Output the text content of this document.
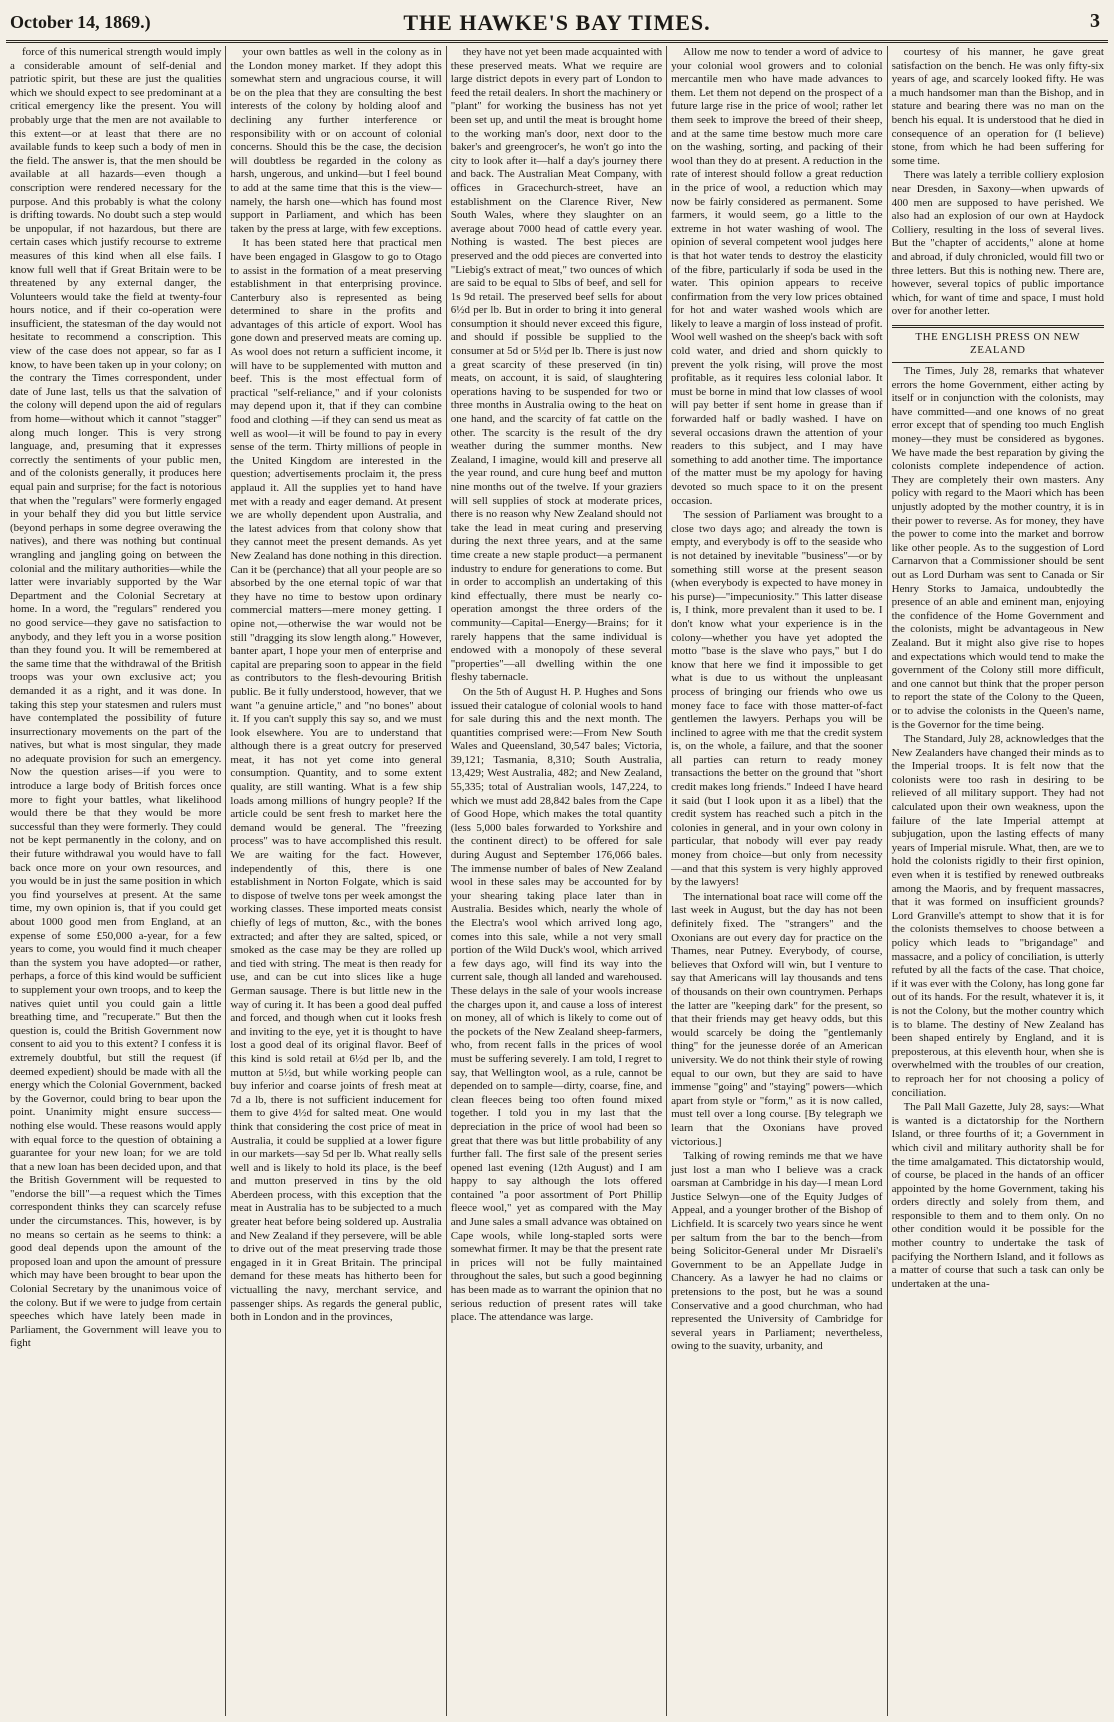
October 14, 1869.)	THE HAWKE'S BAY TIMES.	3

force of this numerical strength would imply a considerable amount of self-denial and patriotic spirit, but these are just the qualities which we should expect to see predominant at a critical emergency like the present. You will probably urge that the men are not available to this extent—or at least that there are no available funds to keep such a body of men in the field. The answer is, that the men should be available at all hazards—even though a conscription were rendered necessary for the purpose. And this probably is what the colony is drifting towards. No doubt such a step would be unpopular, if not hazardous, but there are certain cases which justify recourse to extreme measures of this kind when all else fails. I know full well that if Great Britain were to be threatened by any external danger, the Volunteers would take the field at twenty-four hours notice, and if their co-operation were insufficient, the statesman of the day would not hesitate to recommend a conscription. This view of the case does not appear, so far as I know, to have been taken up in your colony; on the contrary the Times correspondent, under date of June last, tells us that the salvation of the colony will depend upon the aid of regulars from home—without which it cannot "stagger" along much longer. This is very strong language, and, presuming that it expresses correctly the sentiments of your public men, and of the colonists generally, it produces here equal pain and surprise; for the fact is notorious that when the "regulars" were formerly engaged in your behalf they did you but little service (beyond perhaps in some degree overawing the natives), and there was nothing but continual wrangling and jangling going on between the colonial and the military authorities—while the latter were invariably supported by the War Department and the Colonial Secretary at home. In a word, the "regulars" rendered you no good service—they gave no satisfaction to anybody, and they left you in a worse position than they found you. It will be remembered at the same time that the withdrawal of the British troops was your own exclusive act; you demanded it as a right, and it was done. In taking this step your statesmen and rulers must have contemplated the possibility of future insurrectionary movements on the part of the natives, but what is most singular, they made no adequate provision for such an emergency. Now the question arises—if you were to introduce a large body of British forces once more to fight your battles, what likelihood would there be that they would be more successful than they were formerly. They could not be kept permanently in the colony, and on their future withdrawal you would have to fall back once more on your own resources, and you would be in just the same position in which you find yourselves at present. At the same time, my own opinion is, that if you could get about 1000 good men from England, at an expense of some £50,000 a-year, for a few years to come, you would find it much cheaper than the system you have adopted—or rather, perhaps, a force of this kind would be sufficient to supplement your own troops, and to keep the natives quiet until you could gain a little breathing time, and "recuperate." But then the question is, could the British Government now consent to aid you to this extent? I confess it is extremely doubtful, but still the request (if deemed expedient) should be made with all the energy which the Colonial Government, backed by the Governor, could bring to bear upon the point. Unanimity might ensure success—nothing else would. These reasons would apply with equal force to the question of obtaining a guarantee for your new loan; for we are told that a new loan has been decided upon, and that the British Government will be requested to "endorse the bill"—a request which the Times correspondent thinks they can scarcely refuse under the circumstances. This, however, is by no means so certain as he seems to think: a good deal depends upon the amount of the proposed loan and upon the amount of pressure which may have been brought to bear upon the Colonial Secretary by the unanimous voice of the colony. But if we were to judge from certain speeches which have lately been made in Parliament, the Government will leave you to fight

your own battles as well in the colony as in the London money market. If they adopt this somewhat stern and ungracious course, it will be on the plea that they are consulting the best interests of the colony by holding aloof and declining any further interference or responsibility with or on account of colonial concerns. Should this be the case, the decision will doubtless be regarded in the colony as harsh, ungerous, and unkind—but I feel bound to add at the same time that this is the view—namely, the harsh one—which has found most support in Parliament, and which has been taken by the press at large, with few exceptions.

It has been stated here that practical men have been engaged in Glasgow to go to Otago to assist in the formation of a meat preserving establishment in that enterprising province. Canterbury also is represented as being determined to share in the profits and advantages of this article of export. Wool has gone down and preserved meats are coming up. As wool does not return a sufficient income, it will have to be supplemented with mutton and beef. This is the most effectual form of practical "self-reliance," and if your colonists may depend upon it, that if they can combine food and clothing —if they can send us meat as well as wool—it will be found to pay in every sense of the term. Thirty millions of people in the United Kingdom are interested in the question; advertisements proclaim it, the press applaud it. All the supplies yet to hand have met with a ready and eager demand. At present we are wholly dependent upon Australia, and the latest advices from that colony show that they cannot meet the present demands. As yet New Zealand has done nothing in this direction. Can it be (perchance) that all your people are so absorbed by the one eternal topic of war that they have no time to bestow upon ordinary commercial matters—mere money getting. I opine not,—otherwise the war would not be still "dragging its slow length along." However, banter apart, I hope your men of enterprise and capital are preparing soon to appear in the field as contributors to the flesh-devouring British public. Be it fully understood, however, that we want "a genuine article," and "no bones" about it. If you can't supply this say so, and we must look elsewhere. You are to understand that although there is a great outcry for preserved meat, it has not yet come into general consumption. Quantity, and to some extent quality, are still wanting. What is a few ship loads among millions of hungry people? If the article could be sent fresh to market here the demand would be general. The "freezing process" was to have accomplished this result. We are waiting for the fact. However, independently of this, there is one establishment in Norton Folgate, which is said to dispose of twelve tons per week amongst the working classes. These imported meats consist chiefly of legs of mutton, &c., with the bones extracted; and after they are salted, spiced, or smoked as the case may be they are rolled up and tied with string. The meat is then ready for use, and can be cut into slices like a huge German sausage. There is but little new in the way of curing it. It has been a good deal puffed and forced, and though when cut it looks fresh and inviting to the eye, yet it is thought to have lost a good deal of its original flavor. Beef of this kind is sold retail at 6½d per lb, and the mutton at 5½d, but while working people can buy inferior and coarse joints of fresh meat at 7d a lb, there is not sufficient inducement for them to give 4½d for salted meat. One would think that considering the cost price of meat in Australia, it could be supplied at a lower figure in our markets—say 5d per lb. What really sells well and is likely to hold its place, is the beef and mutton preserved in tins by the old Aberdeen process, with this exception that the meat in Australia has to be subjected to a much greater heat before being soldered up. Australia and New Zealand if they persevere, will be able to drive out of the meat preserving trade those engaged in it in Great Britain. The principal demand for these meats has hitherto been for victualling the navy, merchant service, and passenger ships. As regards the general public, both in London and in the provinces,

they have not yet been made acquainted with these preserved meats. What we require are large district depots in every part of London to feed the retail dealers. In short the machinery or "plant" for working the business has not yet been set up, and until the meat is brought home to the working man's door, next door to the baker's and greengrocer's, he won't go into the city to look after it—half a day's journey there and back. The Australian Meat Company, with offices in Gracechurch-street, have an establishment on the Clarence River, New South Wales, where they slaughter on an average about 7000 head of cattle every year. Nothing is wasted. The best pieces are preserved and the odd pieces are converted into "Liebig's extract of meat," two ounces of which are said to be equal to 5lbs of beef, and sell for 1s 9d retail. The preserved beef sells for about 6½d per lb. But in order to bring it into general consumption it should never exceed this figure, and should if possible be supplied to the consumer at 5d or 5½d per lb. There is just now a great scarcity of these preserved (in tin) meats, on account, it is said, of slaughtering operations having to be suspended for two or three months in Australia owing to the heat on one hand, and the scarcity of fat cattle on the other. The scarcity is the result of the dry weather during the summer months. New Zealand, I imagine, would kill and preserve all the year round, and cure hung beef and mutton nine months out of the twelve. If your graziers will sell supplies of stock at moderate prices, there is no reason why New Zealand should not take the lead in meat curing and preserving during the next three years, and at the same time create a new staple product—a permanent industry to endure for generations to come. But in order to accomplish an undertaking of this kind effectually, there must be nearly co-operation amongst the three orders of the community—Capital—Energy—Brains; for it rarely happens that the same individual is endowed with a monopoly of these several "properties"—all dwelling within the one fleshy tabernacle.

On the 5th of August H. P. Hughes and Sons issued their catalogue of colonial wools to hand for sale during this and the next month. The quantities comprised were:—From New South Wales and Queensland, 30,547 bales; Victoria, 39,121; Tasmania, 8,310; South Australia, 13,429; West Australia, 482; and New Zealand, 55,335; total of Australian wools, 147,224, to which we must add 28,842 bales from the Cape of Good Hope, which makes the total quantity (less 5,000 bales forwarded to Yorkshire and the continent direct) to be offered for sale during August and September 176,066 bales. The immense number of bales of New Zealand wool in these sales may be accounted for by your shearing taking place later than in Australia. Besides which, nearly the whole of the Electra's wool which arrived long ago, comes into this sale, while a not very small portion of the Wild Duck's wool, which arrived a few days ago, will find its way into the current sale, though all landed and warehoused. These delays in the sale of your wools increase the charges upon it, and cause a loss of interest on money, all of which is likely to come out of the pockets of the New Zealand sheep-farmers, who, from recent falls in the prices of wool must be suffering severely. I am told, I regret to say, that Wellington wool, as a rule, cannot be depended on to sample—dirty, coarse, fine, and clean fleeces being too often found mixed together. I told you in my last that the depreciation in the price of wool had been so great that there was but little probability of any further fall. The first sale of the present series opened last evening (12th August) and I am happy to say although the lots offered contained "a poor assortment of Port Phillip fleece wool," yet as compared with the May and June sales a small advance was obtained on Cape wools, while long-stapled sorts were somewhat firmer. It may be that the present rate in prices will not be fully maintained throughout the sales, but such a good beginning has been made as to warrant the opinion that no serious reduction of present rates will take place. The attendance was large.

Allow me now to tender a word of advice to your colonial wool growers and to colonial mercantile men who have made advances to them. Let them not depend on the prospect of a future large rise in the price of wool; rather let them seek to improve the breed of their sheep, and at the same time bestow much more care on the washing, sorting, and packing of their wool than they do at present. A reduction in the rate of interest should follow a great reduction in the price of wool, a reduction which may now be fairly considered as permanent. Some farmers, it would seem, go a little to the extreme in hot water washing of wool. The opinion of several competent wool judges here is that hot water tends to destroy the elasticity of the fibre, particularly if soda be used in the water. This opinion appears to receive confirmation from the very low prices obtained for hot and water washed wools which are likely to leave a margin of loss instead of profit. Wool well washed on the sheep's back with soft cold water, and dried and shorn quickly to prevent the yolk rising, will prove the most profitable, as it requires less colonial labor. It must be borne in mind that low classes of wool will pay better if sent home in grease than if forwarded half or badly washed. I have on several occasions drawn the attention of your readers to this subject, and I may have something to add another time. The importance of the matter must be my apology for having devoted so much space to it on the present occasion.

The session of Parliament was brought to a close two days ago; and already the town is empty, and everybody is off to the seaside who is not detained by inevitable "business"—or by something still worse at the present season (when everybody is expected to have money in his purse)—"impecuniosity." This latter disease is, I think, more prevalent than it used to be. I don't know what your experience is in the colony—whether you have yet adopted the motto "base is the slave who pays," but I do know that here we find it impossible to get what is due to us without the unpleasant process of bringing our friends who owe us money face to face with those matter-of-fact gentlemen the lawyers. Perhaps you will be inclined to agree with me that the credit system is, on the whole, a failure, and that the sooner all parties can return to ready money transactions the better on the ground that "short credit makes long friends." Indeed I have heard it said (but I look upon it as a libel) that the credit system has reached such a pitch in the colonies in general, and in your own colony in particular, that nobody will ever pay ready money from choice—but only from necessity —and that this system is very highly approved by the lawyers!

The international boat race will come off the last week in August, but the day has not been definitely fixed. The "strangers" and the Oxonians are out every day for practice on the Thames, near Putney. Everybody, of course, believes that Oxford will win, but I venture to say that Americans will lay thousands and tens of thousands on their own countrymen. Perhaps the latter are "keeping dark" for the present, so that their friends may get heavy odds, but this would scarcely be doing the "gentlemanly thing" for the jeunesse dorée of an American university. We do not think their style of rowing equal to our own, but they are said to have immense "going" and "staying" powers—which apart from style or "form," as it is now called, must tell over a long course. [By telegraph we learn that the Oxonians have proved victorious.]

Talking of rowing reminds me that we have just lost a man who I believe was a crack oarsman at Cambridge in his day—I mean Lord Justice Selwyn—one of the Equity Judges of Appeal, and a younger brother of the Bishop of Lichfield. It is scarcely two years since he went per saltum from the bar to the bench—from being Solicitor-General under Mr Disraeli's Government to be an Appellate Judge in Chancery. As a lawyer he had no claims or pretensions to the post, but he was a sound Conservative and a good churchman, who had represented the University of Cambridge for several years in Parliament; nevertheless, owing to the suavity, urbanity, and

courtesy of his manner, he gave great satisfaction on the bench. He was only fifty-six years of age, and scarcely looked fifty. He was a much handsomer man than the Bishop, and in stature and bearing there was no man on the bench his equal. It is understood that he died in consequence of an operation for (I believe) stone, from which he had been suffering for some time.

There was lately a terrible colliery explosion near Dresden, in Saxony—when upwards of 400 men are supposed to have perished. We also had an explosion of our own at Haydock Colliery, resulting in the loss of several lives. But the "chapter of accidents," alone at home and abroad, if duly chronicled, would fill two or three letters. But this is nothing new. There are, however, several topics of public importance which, for want of time and space, I must hold over for another letter.

THE ENGLISH PRESS ON NEW ZEALAND

The Times, July 28, remarks that whatever errors the home Government, either acting by itself or in conjunction with the colonists, may have committed—and one knows of no great error except that of spending too much English money—they must be considered as bygones. We have made the best reparation by giving the colonists complete independence of action. They are completely their own masters. Any policy with regard to the Maori which has been unjustly adopted by the mother country, it is in their power to reverse. As for money, they have the power to come into the market and borrow like other people. As to the suggestion of Lord Carnarvon that a Commissioner should be sent out as Lord Durham was sent to Canada or Sir Henry Storks to Jamaica, undoubtedly the presence of an able and eminent man, enjoying the confidence of the Home Government and the colonists, might be advantageous in New Zealand. But it might also give rise to hopes and expectations which would tend to make the government of the Colony still more difficult, and one cannot but think that the proper person to report the state of the Colony to the Queen, or to advise the colonists in the Queen's name, is the Governor for the time being.

The Standard, July 28, acknowledges that the New Zealanders have changed their minds as to the Imperial troops. It is felt now that the colonists were too rash in desiring to be relieved of all military support. They had not calculated upon their own weakness, upon the failure of the late Imperial attempt at subjugation, upon the lasting effects of many years of Imperial misrule. What, then, are we to hold the colonists rigidly to their first opinion, even when it is testified by renewed outbreaks among the Maoris, and by frequent massacres, that it was formed on insufficient grounds? Lord Granville's attempt to show that it is for the colonists themselves to choose between a policy which leads to "brigandage" and massacre, and a policy of conciliation, is utterly refuted by all the facts of the case. That choice, if it was ever with the Colony, has long gone far out of its hands. For the result, whatever it is, it is not the Colony, but the mother country which is to blame. The destiny of New Zealand has been shaped entirely by England, and it is preposterous, at this eleventh hour, when she is overwhelmed with the troubles of our creation, to reproach her for not choosing a policy of conciliation.

The Pall Mall Gazette, July 28, says:—What is wanted is a dictatorship for the Northern Island, or three fourths of it; a Government in which civil and military authority shall be for the time amalgamated. This dictatorship would, of course, be placed in the hands of an officer appointed by the home Government, taking his orders directly and solely from them, and responsible to them and to them only. On no other condition would it be possible for the mother country to undertake the task of pacifying the Northern Island, and it follows as a matter of course that such a task can only be undertaken at the una-
